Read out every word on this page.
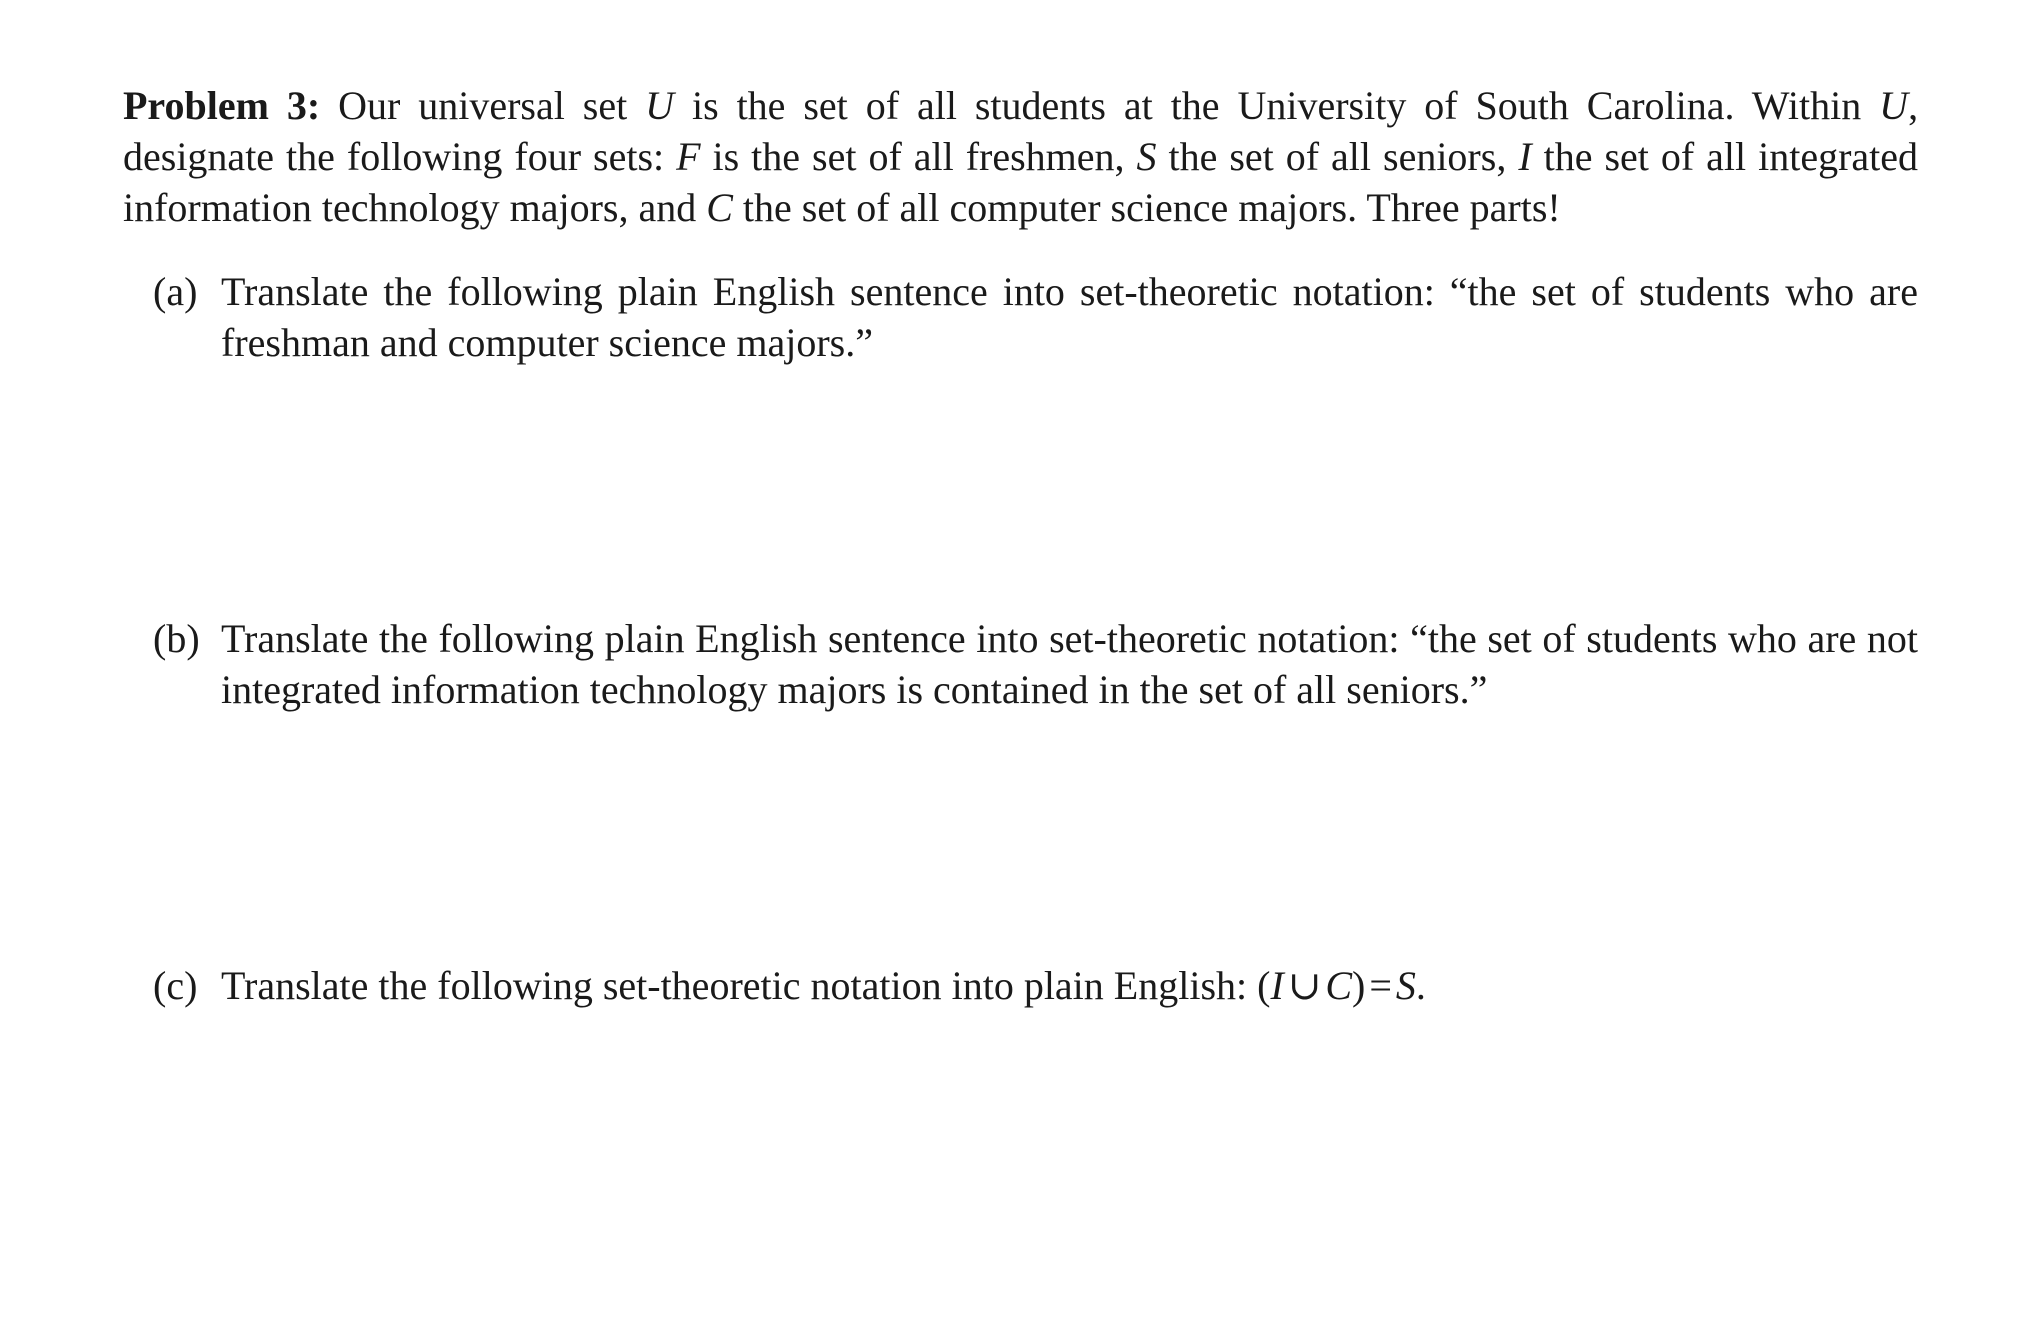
Problem 3: Our universal set U is the set of all students at the University of South Carolina. Within U, designate the following four sets: F is the set of all freshmen, S the set of all seniors, I the set of all integrated information technology majors, and C the set of all computer science majors. Three parts!

(a) Translate the following plain English sentence into set-theoretic notation: “the set of students who are freshman and computer science majors.”
(b) Translate the following plain English sentence into set-theoretic notation: “the set of students who are not integrated information technology majors is contained in the set of all seniors.”
(c) Translate the following set-theoretic notation into plain English: (I ∪ C) = S.
